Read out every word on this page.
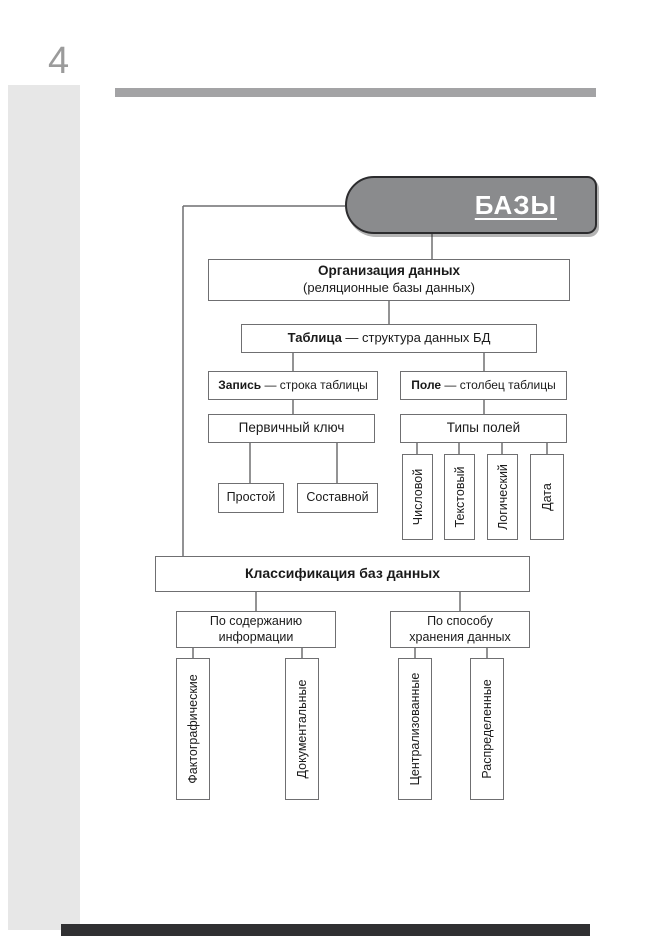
4
БАЗЫ
Организация данных
(реляционные базы данных)
Таблица — структура данных БД
Запись — строка таблицы	Поле — столбец таблицы
Первичный ключ	Типы полей
Простой Составной	Числовой Текстовый Логический Дата
Классификация баз данных
По содержанию
информации
По способу
хранения данных
Фактографические	Документальные	Централизованные	Распределенные
